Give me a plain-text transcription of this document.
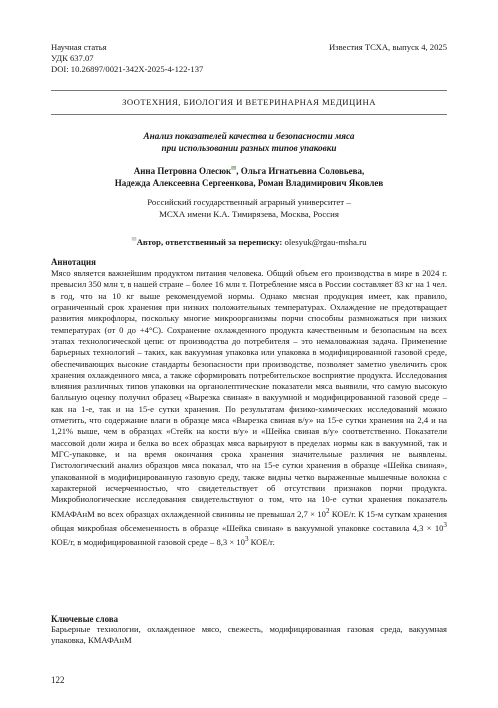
Научная статья
УДК 637.07
DOI: 10.26897/0021-342X-2025-4-122-137
Известия ТСХА, выпуск 4, 2025
ЗООТЕХНИЯ, БИОЛОГИЯ И ВЕТЕРИНАРНАЯ МЕДИЦИНА
Анализ показателей качества и безопасности мяса
при использовании разных типов упаковки
Анна Петровна Олесюк✉, Ольга Игнатьевна Соловьева,
Надежда Алексеевна Сергеенкова, Роман Владимирович Яковлев
Российский государственный аграрный университет –
МСХА имени К.А. Тимирязева, Москва, Россия
✉Автор, ответственный за переписку: olesyuk@rgau-msha.ru
Аннотация
Мясо является важнейшим продуктом питания человека. Общий объем его производства в мире в 2024 г. превысил 350 млн т, в нашей стране – более 16 млн т. Потребление мяса в России составляет 83 кг на 1 чел. в год, что на 10 кг выше рекомендуемой нормы. Однако мясная продукция имеет, как правило, ограниченный срок хранения при низких положительных температурах. Охлаждение не предотвращает развития микрофлоры, поскольку многие микроорганизмы порчи способны размножаться при низких температурах (от 0 до +4°С). Сохранение охлажденного продукта качественным и безопасным на всех этапах технологической цепи: от производства до потребителя – это немаловажная задача. Применение барьерных технологий – таких, как вакуумная упаковка или упаковка в модифицированной газовой среде, обеспечивающих высокие стандарты безопасности при производстве, позволяет заметно увеличить срок хранения охлажденного мяса, а также сформировать потребительское восприятие продукта. Исследования влияния различных типов упаковки на органолептические показатели мяса выявили, что самую высокую балльную оценку получил образец «Вырезка свиная» в вакуумной и модифицированной газовой среде – как на 1-е, так и на 15-е сутки хранения. По результатам физико-химических исследований можно отметить, что содержание влаги в образце мяса «Вырезка свиная в/у» на 15-е сутки хранения на 2,4 и на 1,21% выше, чем в образцах «Стейк на кости в/у» и «Шейка свиная в/у» соответственно. Показатели массовой доли жира и белка во всех образцах мяса варьируют в пределах нормы как в вакуумной, так и МГС-упаковке, и на время окончания срока хранения значительные различия не выявлены. Гистологический анализ образцов мяса показал, что на 15-е сутки хранения в образце «Шейка свиная», упакованной в модифицированную газовую среду, также видны четко выраженные мышечные волокна с характерной исчерченностью, что свидетельствует об отсутствии признаков порчи продукта. Микробиологические исследования свидетельствуют о том, что на 10-е сутки хранения показатель КМАФАнМ во всех образцах охлажденной свинины не превышал $2,7 \times 10^2$ КОЕ/г. К 15-м суткам хранения общая микробная обсемененность в образце «Шейка свиная» в вакуумной упаковке составила $4,3 \times 10^3$ КОЕ/г, в модифицированной газовой среде – $8,3 \times 10^3$ КОЕ/г.
Ключевые слова
Барьерные технологии, охлажденное мясо, свежесть, модифицированная газовая среда, вакуумная упаковка, КМАФАнМ
122
